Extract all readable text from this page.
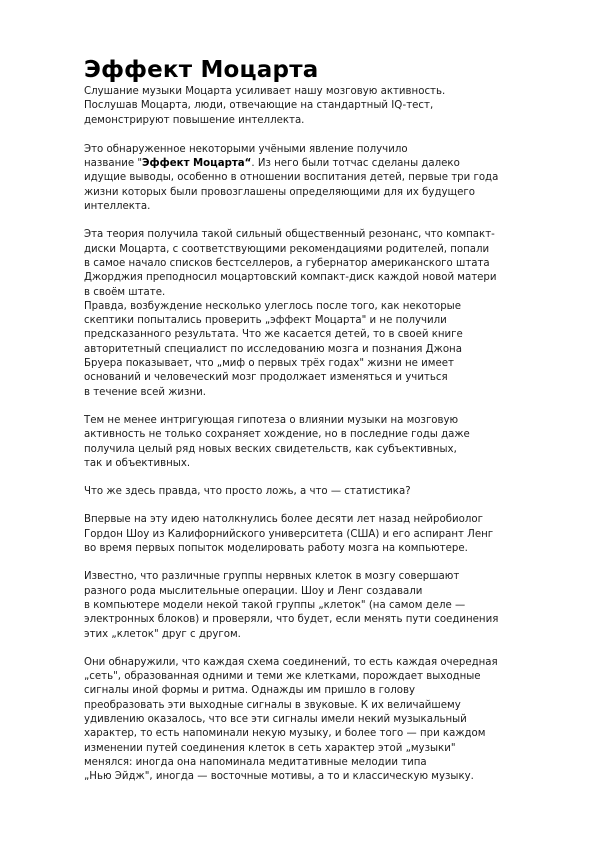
Эффект Моцарта

Слушание музыки Моцарта усиливает нашу мозговую активность.
Послушав Моцарта, люди, отвечающие на стандартный IQ-тест,
демонстрируют повышение интеллекта.

Это обнаруженное некоторыми учёными явление получило
название "Эффект Моцарта“. Из него были тотчас сделаны далеко
идущие выводы, особенно в отношении воспитания детей, первые три года
жизни которых были провозглашены определяющими для их будущего
интеллекта.

Эта теория получила такой сильный общественный резонанс, что компакт-
диски Моцарта, с соответствующими рекомендациями родителей, попали
в самое начало списков бестселлеров, а губернатор американского штата
Джорджия преподносил моцартовский компакт-диск каждой новой матери
в своём штате.

Правда, возбуждение несколько улеглось после того, как некоторые
скептики попытались проверить „эффект Моцарта" и не получили
предсказанного результата. Что же касается детей, то в своей книге
авторитетный специалист по исследованию мозга и познания Джона
Бруера показывает, что „миф о первых трёх годах" жизни не имеет
оснований и человеческий мозг продолжает изменяться и учиться
в течение всей жизни.

Тем не менее интригующая гипотеза о влиянии музыки на мозговую
активность не только сохраняет хождение, но в последние годы даже
получила целый ряд новых веских свидетельств, как субъективных,
так и объективных.

Что же здесь правда, что просто ложь, а что — статистика?

Впервые на эту идею натолкнулись более десяти лет назад нейробиолог
Гордон Шоу из Калифорнийского университета (США) и его аспирант Ленг
во время первых попыток моделировать работу мозга на компьютере.

Известно, что различные группы нервных клеток в мозгу совершают
разного рода мыслительные операции. Шоу и Ленг создавали
в компьютере модели некой такой группы „клеток" (на самом деле —
электронных блоков) и проверяли, что будет, если менять пути соединения
этих „клеток" друг с другом.

Они обнаружили, что каждая схема соединений, то есть каждая очередная
„сеть", образованная одними и теми же клетками, порождает выходные
сигналы иной формы и ритма. Однажды им пришло в голову
преобразовать эти выходные сигналы в звуковые. К их величайшему
удивлению оказалось, что все эти сигналы имели некий музыкальный
характер, то есть напоминали некую музыку, и более того — при каждом
изменении путей соединения клеток в сеть характер этой „музыки"
менялся: иногда она напоминала медитативные мелодии типа
„Нью Эйдж", иногда — восточные мотивы, а то и классическую музыку.
